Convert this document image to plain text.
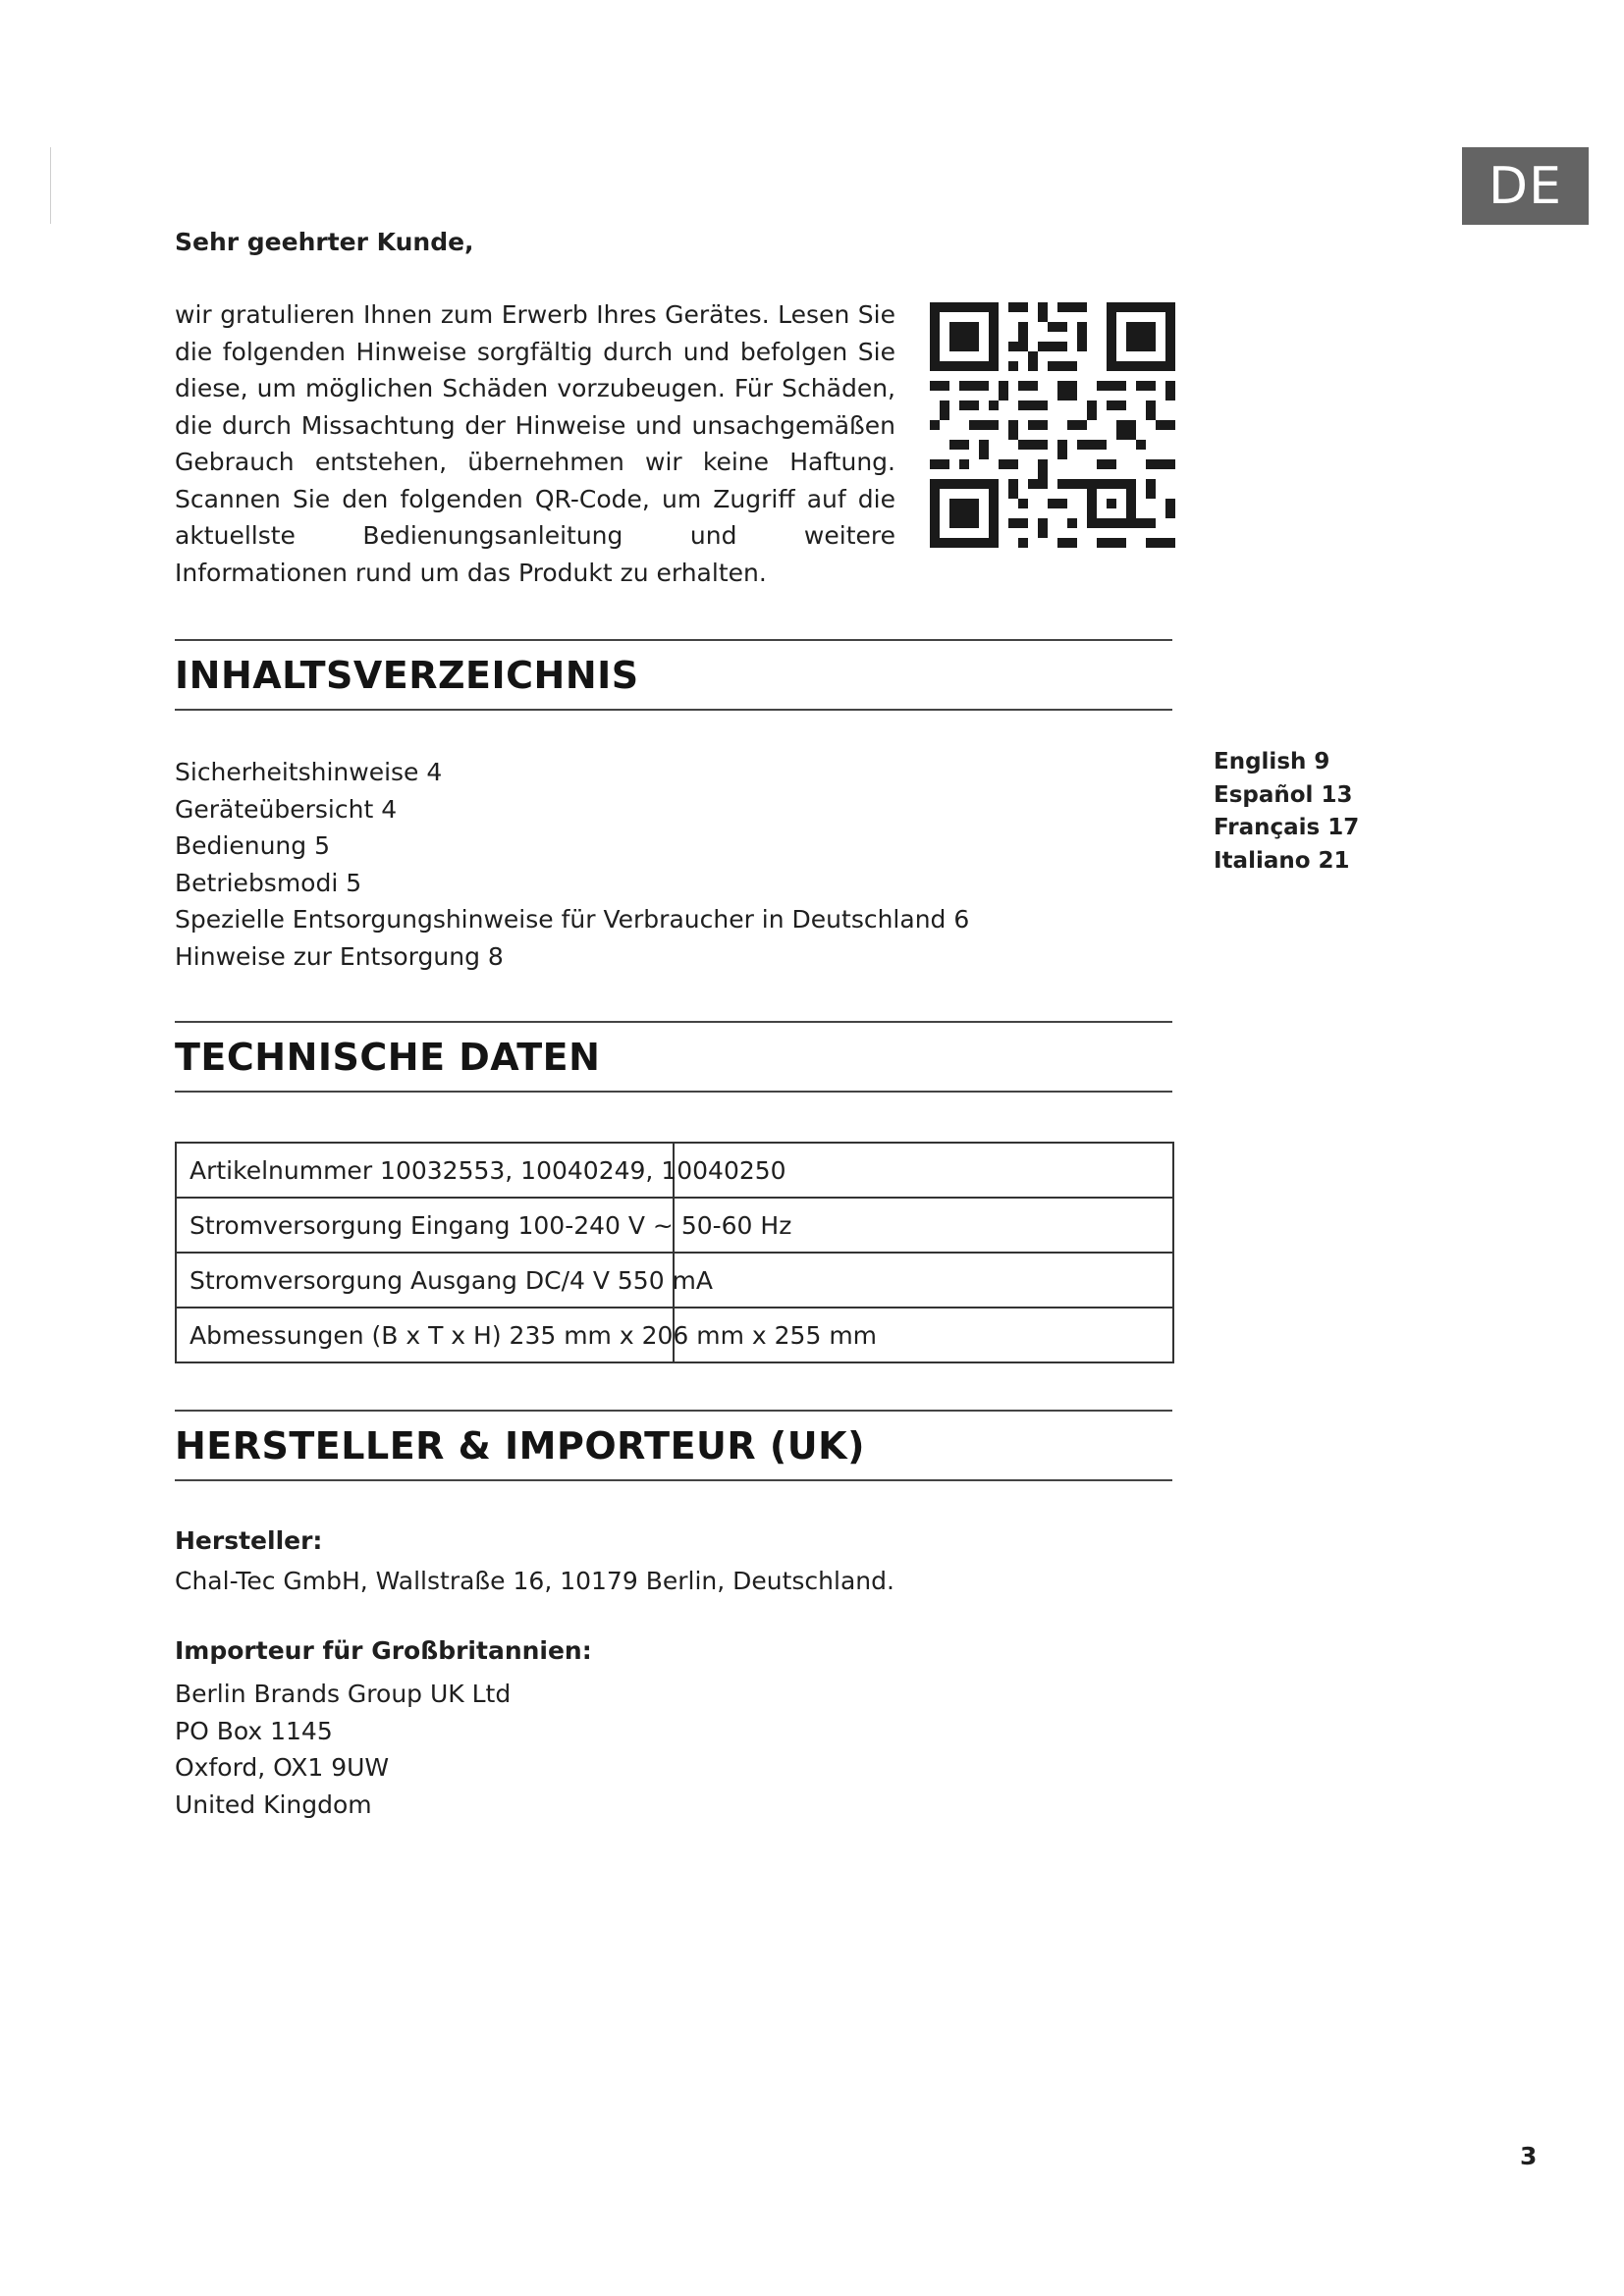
DE
Sehr geehrter Kunde,

wir gratulieren Ihnen zum Erwerb Ihres Gerätes. Lesen Sie die folgenden Hinweise sorgfältig durch und befolgen Sie diese, um möglichen Schäden vorzubeugen. Für Schäden, die durch Missachtung der Hinweise und unsachgemäßen Gebrauch entstehen, übernehmen wir keine Haftung. Scannen Sie den folgenden QR-Code, um Zugriff auf die aktuellste Bedienungsanleitung und weitere Informationen rund um das Produkt zu erhalten.

INHALTSVERZEICHNIS
Sicherheitshinweise 4
Geräteübersicht 4
Bedienung 5
Betriebsmodi 5
Spezielle Entsorgungshinweise für Verbraucher in Deutschland 6
Hinweise zur Entsorgung 8
English 9
Español 13
Français 17
Italiano 21
TECHNISCHE DATEN
Artikelnummer 10032553, 10040249, 10040250	
Stromversorgung Eingang 100-240 V ~ 50-60 Hz	
Stromversorgung Ausgang DC/4 V 550 mA	
Abmessungen (B x T x H) 235 mm x 206 mm x 255 mm	
HERSTELLER & IMPORTEUR (UK)
Hersteller:
Chal-Tec GmbH, Wallstraße 16, 10179 Berlin, Deutschland.
Importeur für Großbritannien:
Berlin Brands Group UK Ltd
PO Box 1145
Oxford, OX1 9UW
United Kingdom
3
